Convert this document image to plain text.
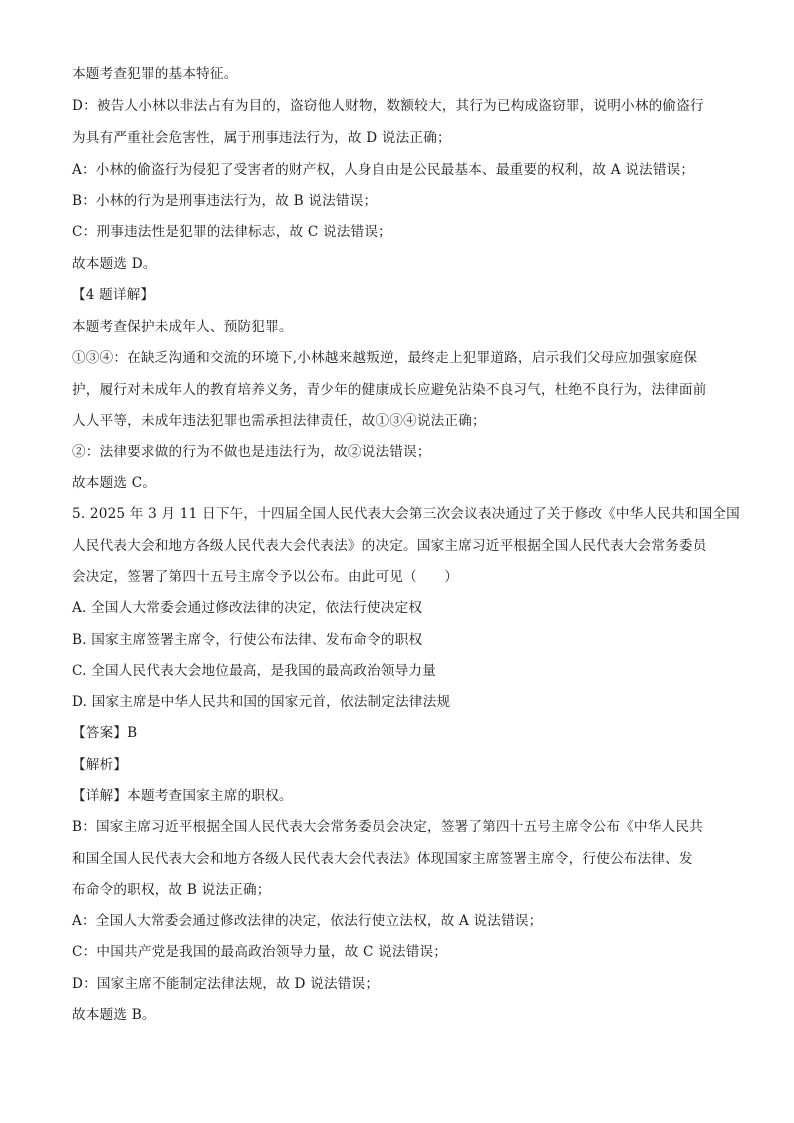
本题考查犯罪的基本特征。
D：被告人小林以非法占有为目的，盗窃他人财物，数额较大，其行为已构成盗窃罪，说明小林的偷盗行
为具有严重社会危害性，属于刑事违法行为，故 D 说法正确；
A：小林的偷盗行为侵犯了受害者的财产权，人身自由是公民最基本、最重要的权利，故 A 说法错误；
B：小林的行为是刑事违法行为，故 B 说法错误；
C：刑事违法性是犯罪的法律标志，故 C 说法错误；
故本题选 D。
【4 题详解】
本题考查保护未成年人、预防犯罪。
①③④：在缺乏沟通和交流的环境下,小林越来越叛逆，最终走上犯罪道路，启示我们父母应加强家庭保
护，履行对未成年人的教育培养义务，青少年的健康成长应避免沾染不良习气，杜绝不良行为，法律面前
人人平等，未成年违法犯罪也需承担法律责任，故①③④说法正确；
②：法律要求做的行为不做也是违法行为，故②说法错误；
故本题选 C。
5. 2025 年 3 月 11 日下午，十四届全国人民代表大会第三次会议表决通过了关于修改《中华人民共和国全国
人民代表大会和地方各级人民代表大会代表法》的决定。国家主席习近平根据全国人民代表大会常务委员
会决定，签署了第四十五号主席令予以公布。由此可见（　　）
A. 全国人大常委会通过修改法律的决定，依法行使决定权
B. 国家主席签署主席令，行使公布法律、发布命令的职权
C. 全国人民代表大会地位最高，是我国的最高政治领导力量
D. 国家主席是中华人民共和国的国家元首，依法制定法律法规
【答案】B
【解析】
【详解】本题考查国家主席的职权。
B：国家主席习近平根据全国人民代表大会常务委员会决定，签署了第四十五号主席令公布《中华人民共
和国全国人民代表大会和地方各级人民代表大会代表法》体现国家主席签署主席令，行使公布法律、发
布命令的职权，故 B 说法正确；
A：全国人大常委会通过修改法律的决定，依法行使立法权，故 A 说法错误；
C：中国共产党是我国的最高政治领导力量，故 C 说法错误；
D：国家主席不能制定法律法规，故 D 说法错误；
故本题选 B。
